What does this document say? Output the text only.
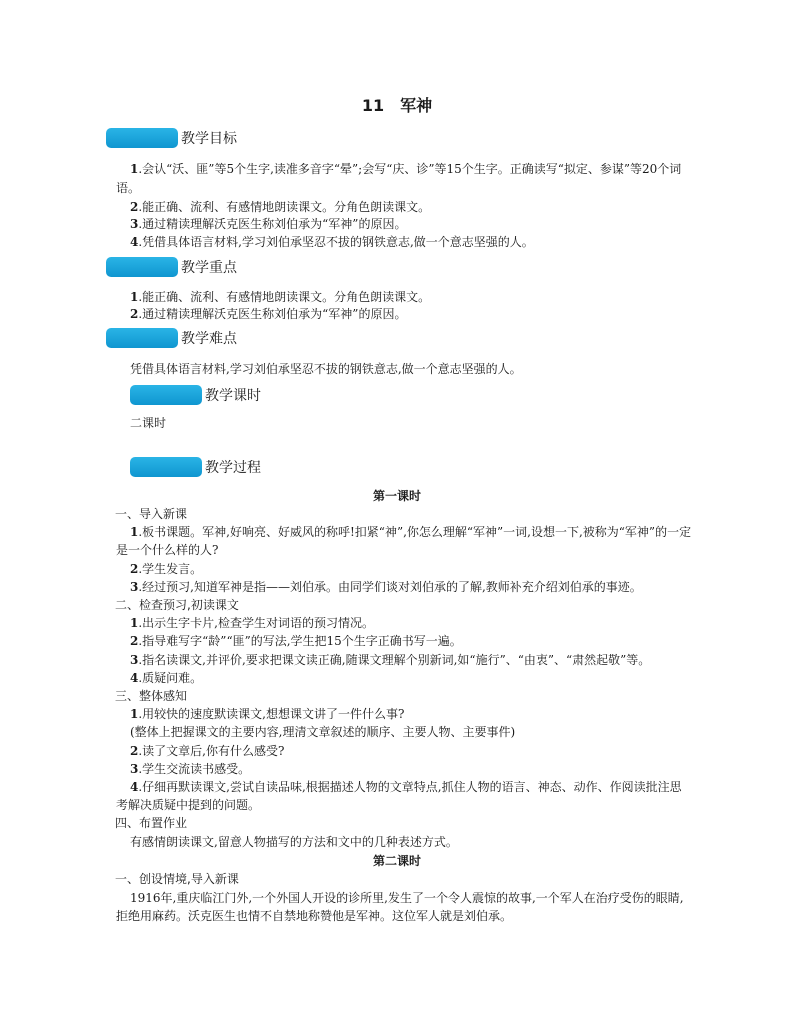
11　军神
教学目标
1.会认“沃、匪”等5个生字,读准多音字“晕”;会写“庆、诊”等15个生字。正确读写“拟定、参谋”等20个词
语。
2.能正确、流利、有感情地朗读课文。分角色朗读课文。
3.通过精读理解沃克医生称刘伯承为“军神”的原因。
4.凭借具体语言材料,学习刘伯承坚忍不拔的钢铁意志,做一个意志坚强的人。
教学重点
1.能正确、流利、有感情地朗读课文。分角色朗读课文。
2.通过精读理解沃克医生称刘伯承为“军神”的原因。
教学难点
凭借具体语言材料,学习刘伯承坚忍不拔的钢铁意志,做一个意志坚强的人。
教学课时
二课时
教学过程
第一课时
一、导入新课
1.板书课题。军神,好响亮、好威风的称呼!扣紧“神”,你怎么理解“军神”一词,设想一下,被称为“军神”的一定
是一个什么样的人?
2.学生发言。
3.经过预习,知道军神是指——刘伯承。由同学们谈对刘伯承的了解,教师补充介绍刘伯承的事迹。
二、检查预习,初读课文
1.出示生字卡片,检查学生对词语的预习情况。
2.指导难写字“龄”“匪”的写法,学生把15个生字正确书写一遍。
3.指名读课文,并评价,要求把课文读正确,随课文理解个别新词,如“施行”、“由衷”、“肃然起敬”等。
4.质疑问难。
三、整体感知
1.用较快的速度默读课文,想想课文讲了一件什么事?
(整体上把握课文的主要内容,理清文章叙述的顺序、主要人物、主要事件)
2.读了文章后,你有什么感受?
3.学生交流读书感受。
4.仔细再默读课文,尝试自读品味,根据描述人物的文章特点,抓住人物的语言、神态、动作、作阅读批注思
考解决质疑中提到的问题。
四、布置作业
有感情朗读课文,留意人物描写的方法和文中的几种表述方式。
第二课时
一、创设情境,导入新课
1916年,重庆临江门外,一个外国人开设的诊所里,发生了一个令人震惊的故事,一个军人在治疗受伤的眼睛,
拒绝用麻药。沃克医生也情不自禁地称赞他是军神。这位军人就是刘伯承。
